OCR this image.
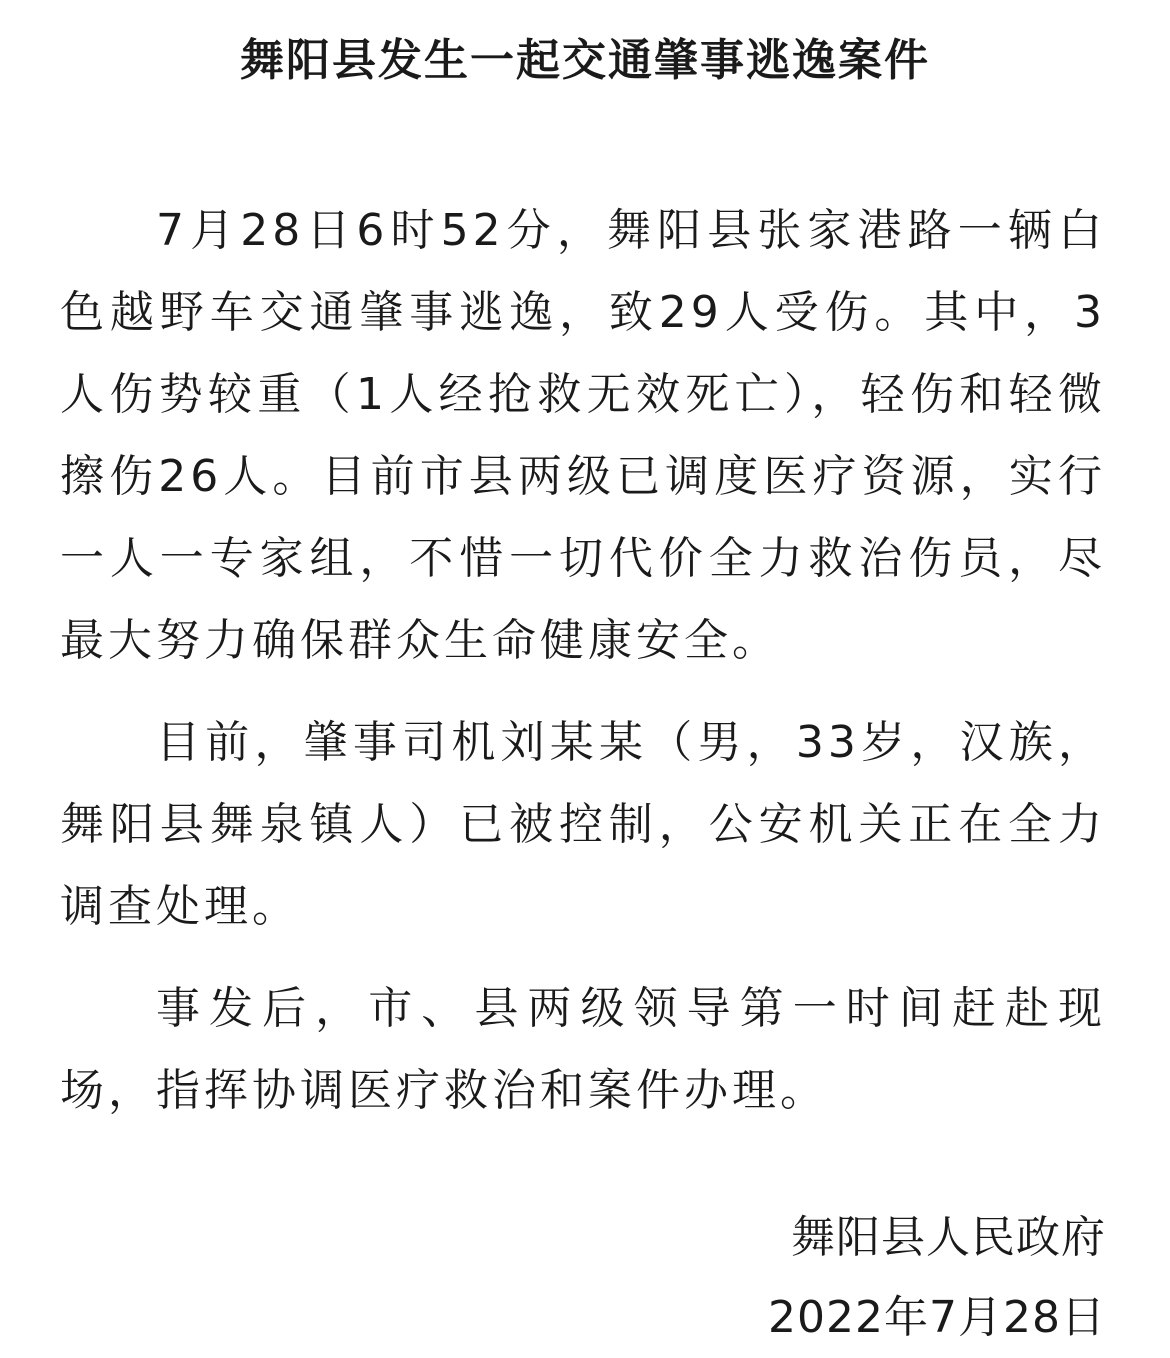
舞阳县发生一起交通肇事逃逸案件

7月28日6时52分，舞阳县张家港路一辆白色越野车交通肇事逃逸，致29人受伤。其中，3人伤势较重（1人经抢救无效死亡），轻伤和轻微擦伤26人。目前市县两级已调度医疗资源，实行一人一专家组，不惜一切代价全力救治伤员，尽最大努力确保群众生命健康安全。

目前，肇事司机刘某某（男，33岁，汉族，舞阳县舞泉镇人）已被控制，公安机关正在全力调查处理。

事发后，市、县两级领导第一时间赶赴现场，指挥协调医疗救治和案件办理。

舞阳县人民政府
2022年7月28日
